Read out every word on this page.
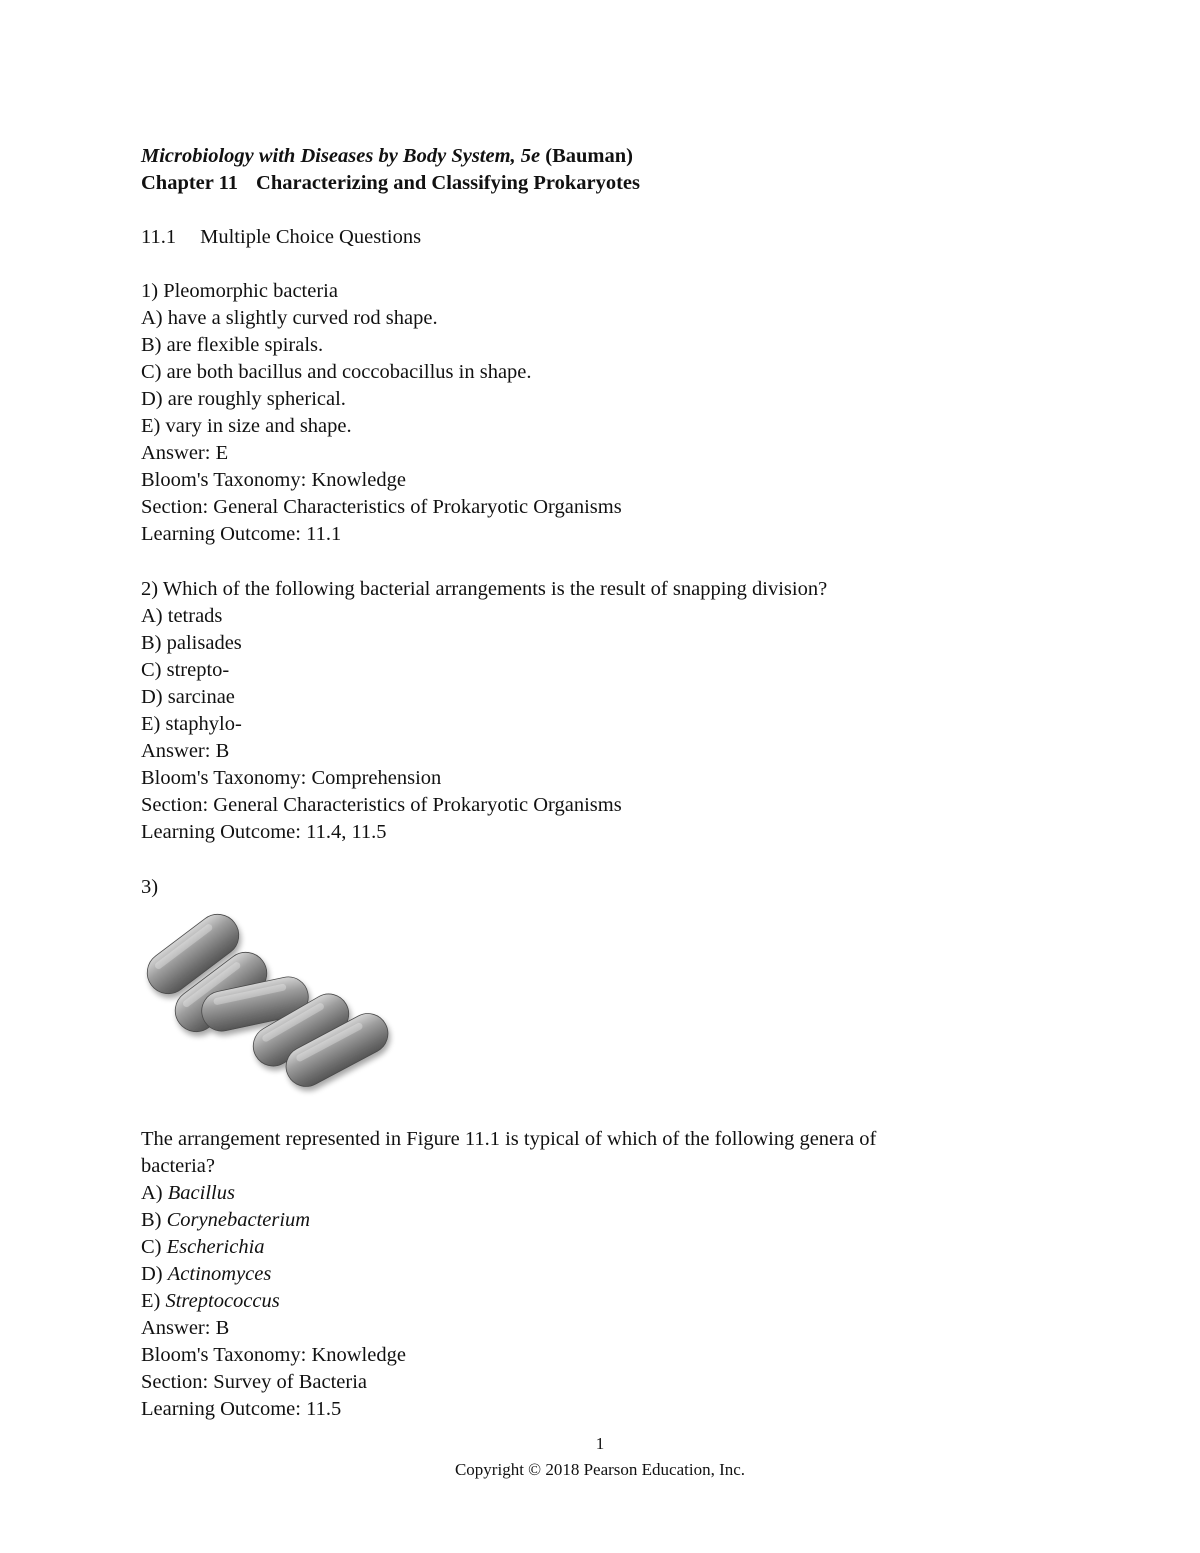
Microbiology with Diseases by Body System, 5e (Bauman)
Chapter 11 Characterizing and Classifying Prokaryotes
11.1 Multiple Choice Questions
1) Pleomorphic bacteria
A) have a slightly curved rod shape.
B) are flexible spirals.
C) are both bacillus and coccobacillus in shape.
D) are roughly spherical.
E) vary in size and shape.
Answer: E
Bloom's Taxonomy: Knowledge
Section: General Characteristics of Prokaryotic Organisms
Learning Outcome: 11.1
2) Which of the following bacterial arrangements is the result of snapping division?
A) tetrads
B) palisades
C) strepto-
D) sarcinae
E) staphylo-
Answer: B
Bloom's Taxonomy: Comprehension
Section: General Characteristics of Prokaryotic Organisms
Learning Outcome: 11.4, 11.5
3)
The arrangement represented in Figure 11.1 is typical of which of the following genera of
bacteria?
A) Bacillus
B) Corynebacterium
C) Escherichia
D) Actinomyces
E) Streptococcus
Answer: B
Bloom's Taxonomy: Knowledge
Section: Survey of Bacteria
Learning Outcome: 11.5
1
Copyright © 2018 Pearson Education, Inc.
